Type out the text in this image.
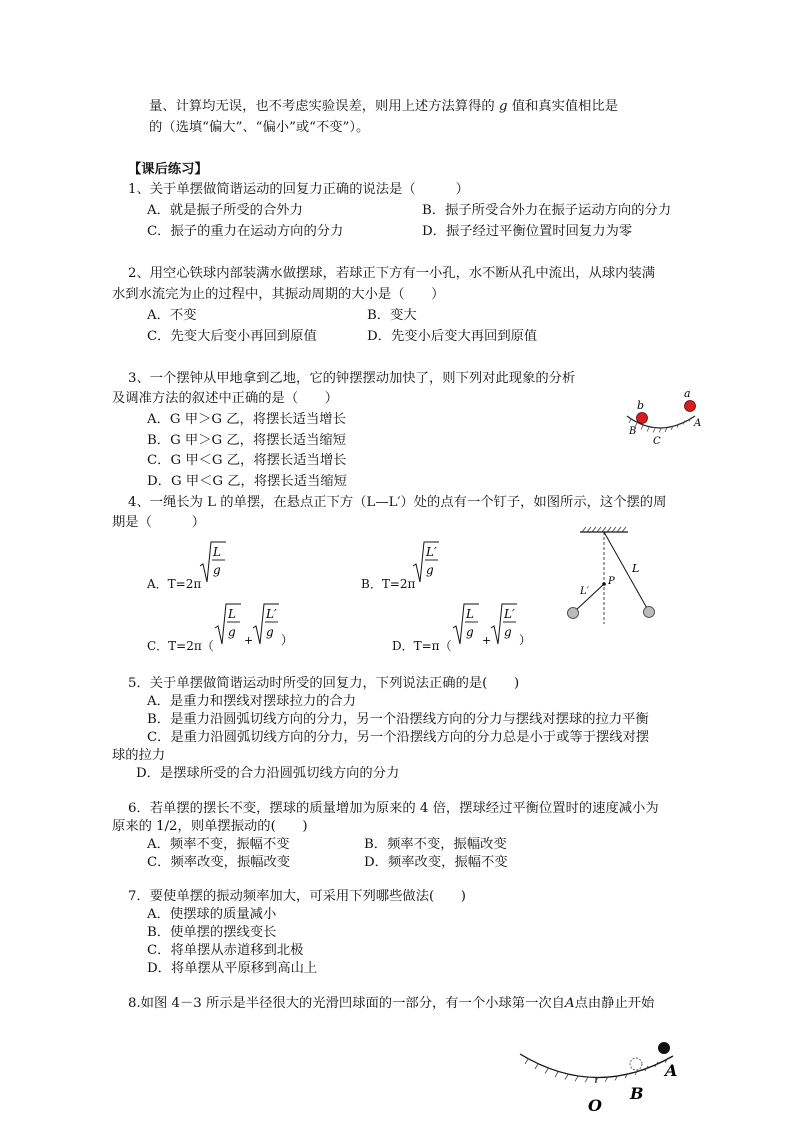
量、计算均无误，也不考虑实验误差，则用上述方法算得的 g 值和真实值相比是
的（选填“偏大”、“偏小”或“不变”）。
【课后练习】
1、关于单摆做简谐运动的回复力正确的说法是（　　　）
A．就是振子所受的合外力	B．振子所受合外力在振子运动方向的分力
C．振子的重力在运动方向的分力	D．振子经过平衡位置时回复力为零
2、用空心铁球内部装满水做摆球，若球正下方有一小孔，水不断从孔中流出，从球内装满
水到水流完为止的过程中，其振动周期的大小是（　　）
A．不变	B．变大
C．先变大后变小再回到原值	D．先变小后变大再回到原值
3、一个摆钟从甲地拿到乙地，它的钟摆摆动加快了，则下列对此现象的分析
及调准方法的叙述中正确的是（　　）
A．G 甲＞G 乙，将摆长适当增长
B．G 甲＞G 乙，将摆长适当缩短
C．G 甲＜G 乙，将摆长适当增长
D．G 甲＜G 乙，将摆长适当缩短
b
a
B
C
A
4、一绳长为 L 的单摆，在悬点正下方（L—L′）处的点有一个钉子，如图所示，这个摆的周
期是（　　　）
A．T=2π
L
g
B．T=2π
L′
g
C．T=2π（
L
g
+
L′
g
）	D．T=π（
L
g
+
L′
g
）
L
L′
P
5．关于单摆做简谐运动时所受的回复力，下列说法正确的是(　　)
A．是重力和摆线对摆球拉力的合力
B．是重力沿圆弧切线方向的分力，另一个沿摆线方向的分力与摆线对摆球的拉力平衡
C．是重力沿圆弧切线方向的分力，另一个沿摆线方向的分力总是小于或等于摆线对摆
球的拉力
D．是摆球所受的合力沿圆弧切线方向的分力
6．若单摆的摆长不变，摆球的质量增加为原来的 4 倍，摆球经过平衡位置时的速度减小为
原来的 1/2，则单摆振动的(　　)
A．频率不变，振幅不变	B．频率不变，振幅改变
C．频率改变，振幅改变	D．频率改变，振幅不变
7．要使单摆的振动频率加大，可采用下列哪些做法(　　)
A．使摆球的质量减小
B．使单摆的摆线变长
C．将单摆从赤道移到北极
D．将单摆从平原移到高山上
8.如图 4－3 所示是半径很大的光滑凹球面的一部分，有一个小球第一次自A点由静止开始
O
B
A
